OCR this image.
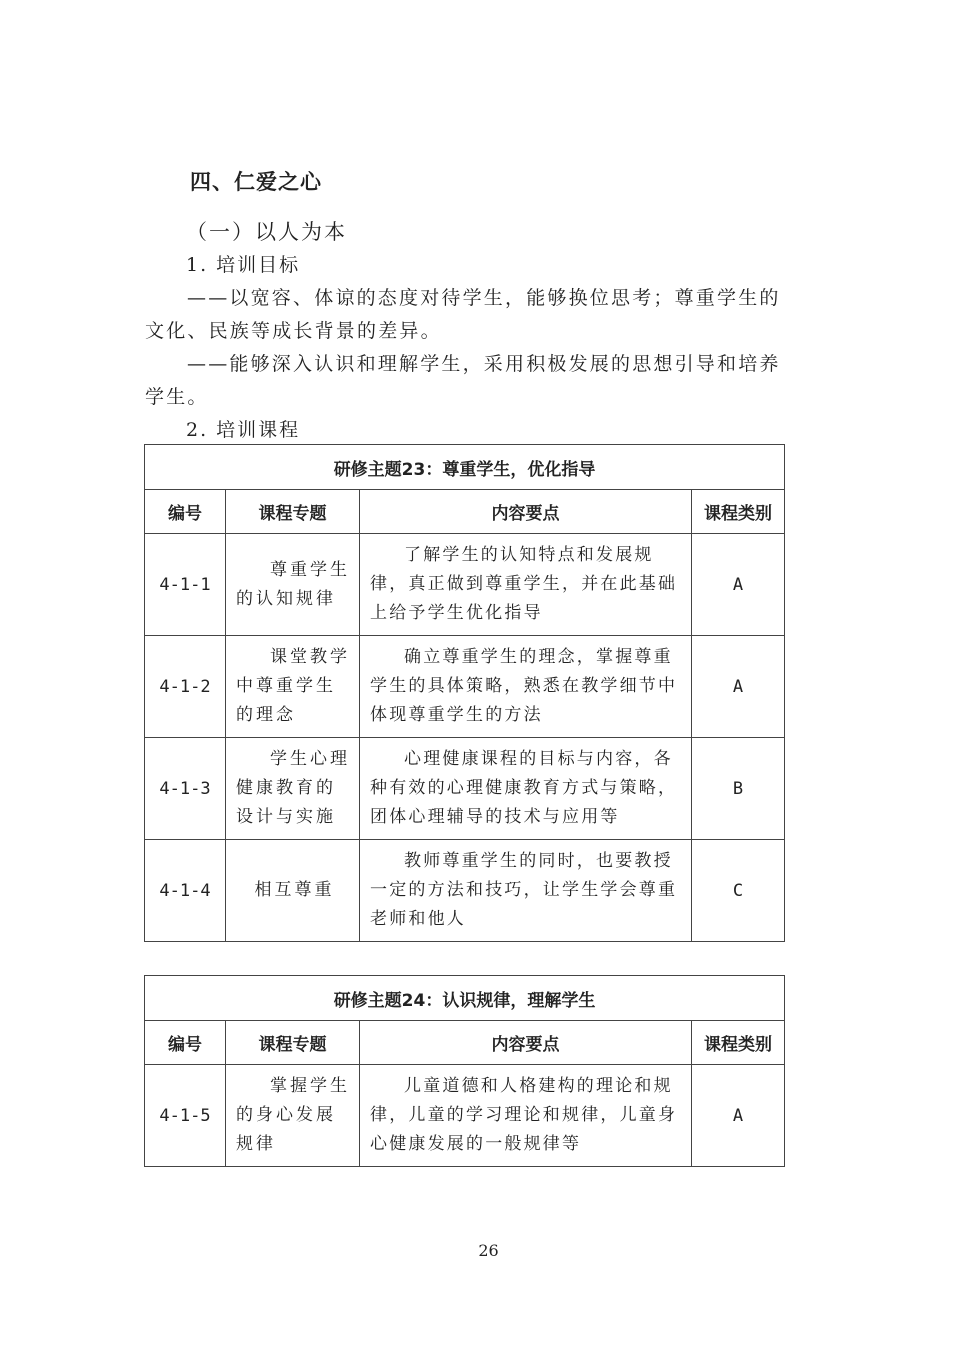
四、仁爱之心
（一）以人为本
1. 培训目标
——以宽容、体谅的态度对待学生，能够换位思考；尊重学生的文化、民族等成长背景的差异。
——能够深入认识和理解学生，采用积极发展的思想引导和培养学生。
2. 培训课程
研修主题23：尊重学生，优化指导			
编号	课程专题	内容要点	课程类别
4-1-1	尊重学生的认知规律	了解学生的认知特点和发展规律，真正做到尊重学生，并在此基础上给予学生优化指导	A
4-1-2	课堂教学中尊重学生的理念	确立尊重学生的理念，掌握尊重学生的具体策略，熟悉在教学细节中体现尊重学生的方法	A
4-1-3	学生心理健康教育的设计与实施	心理健康课程的目标与内容，各种有效的心理健康教育方式与策略，团体心理辅导的技术与应用等	B
4-1-4	相互尊重	教师尊重学生的同时，也要教授一定的方法和技巧，让学生学会尊重老师和他人	C
研修主题24：认识规律，理解学生			
编号	课程专题	内容要点	课程类别
4-1-5	掌握学生的身心发展规律	儿童道德和人格建构的理论和规律，儿童的学习理论和规律，儿童身心健康发展的一般规律等	A
26
